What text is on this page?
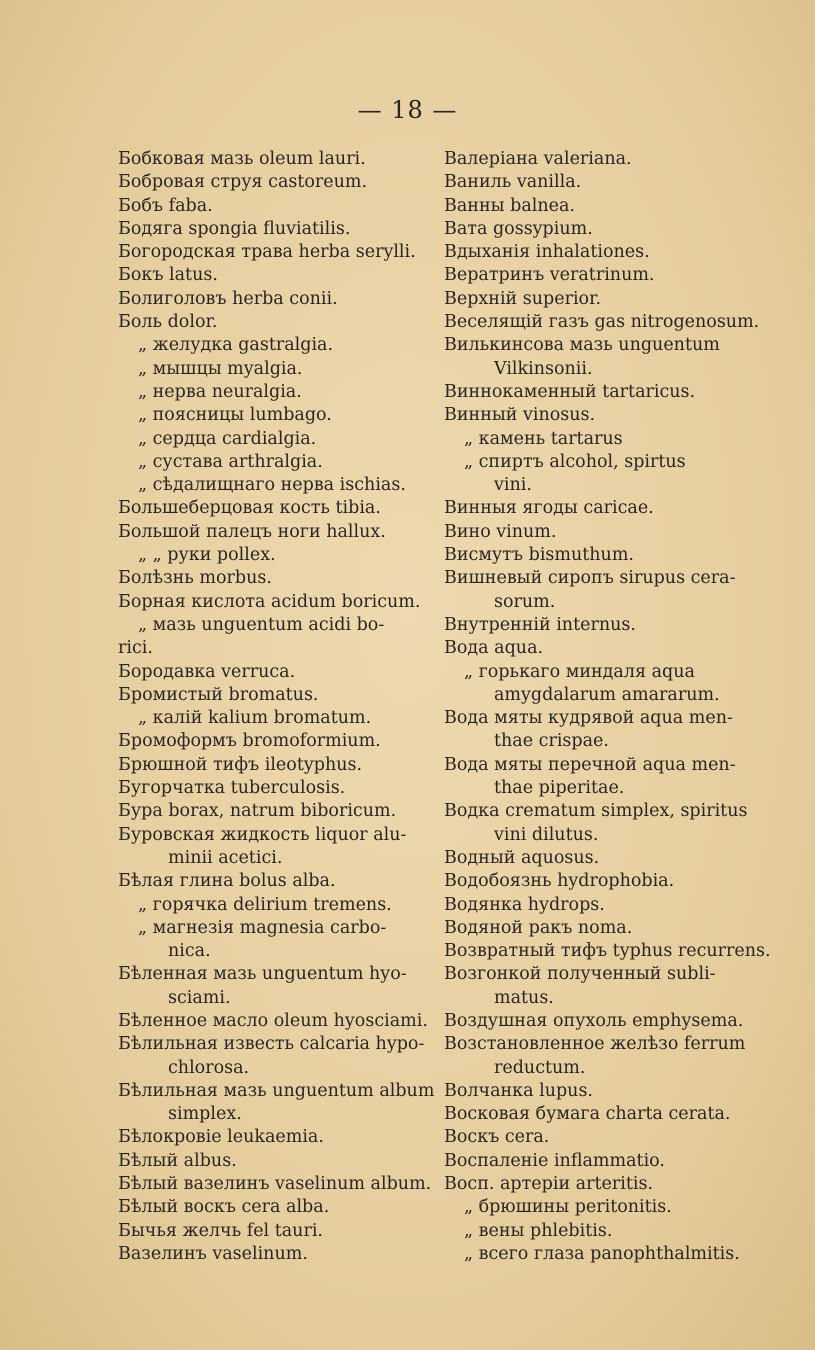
— 18 —
Бобковая мазь oleum lauri.
Бобровая струя castoreum.
Бобъ faba.
Бодяга spongia fluviatilis.
Богородская трава herba serylli.
Бокъ latus.
Болиголовъ herba conii.
Боль dolor.
„ желудка gastralgia.
„ мышцы myalgia.
„ нерва neuralgia.
„ поясницы lumbago.
„ сердца cardialgia.
„ сустава arthralgia.
„ сѣдалищнаго нерва ischias.
Большеберцовая кость tibia.
Большой палецъ ноги hallux.
„ „ руки pollex.
Болѣзнь morbus.
Борная кислота acidum boricum.
„ мазь unguentum acidi bo-
rici.
Бородавка verruca.
Бромистый bromatus.
„ калій kalium bromatum.
Бромоформъ bromoformium.
Брюшной тифъ ileotyphus.
Бугорчатка tuberculosis.
Бура borax, natrum biboricum.
Буровская жидкость liquor alu-
minii acetici.
Бѣлая глина bolus alba.
„ горячка delirium tremens.
„ магнезія magnesia carbo-
nica.
Бѣленная мазь unguentum hyo-
sciami.
Бѣленное масло oleum hyosciami.
Бѣлильная известь calcaria hypo-
chlorosa.
Бѣлильная мазь unguentum album
simplex.
Бѣлокровіе leukaemia.
Бѣлый albus.
Бѣлый вазелинъ vaselinum album.
Бѣлый воскъ cera alba.
Бычья желчь fel tauri.
Вазелинъ vaselinum.
Валеріана valeriana.
Ваниль vanilla.
Ванны balnea.
Вата gossypium.
Вдыханія inhalationes.
Вератринъ veratrinum.
Верхній superior.
Веселящій газъ gas nitrogenosum.
Вилькинсова мазь unguentum
Vilkinsonii.
Виннокаменный tartaricus.
Винный vinosus.
„ камень tartarus
„ спиртъ alcohol, spirtus
vini.
Винныя ягоды caricae.
Вино vinum.
Висмутъ bismuthum.
Вишневый сиропъ sirupus cera-
sorum.
Внутренній internus.
Вода aqua.
„ горькаго миндаля aqua
amygdalarum amararum.
Вода мяты кудрявой aqua men-
thae crispae.
Вода мяты перечной aqua men-
thae piperitae.
Водка crematum simplex, spiritus
vini dilutus.
Водный aquosus.
Водобоязнь hydrophobia.
Водянка hydrops.
Водяной ракъ noma.
Возвратный тифъ typhus recurrens.
Возгонкой полученный subli-
matus.
Воздушная опухоль emphysema.
Возстановленное желѣзо ferrum
reductum.
Волчанка lupus.
Восковая бумага charta cerata.
Воскъ cera.
Воспаленіе inflammatio.
Восп. артеріи arteritis.
„ брюшины peritonitis.
„ вены phlebitis.
„ всего глаза panophthalmitis.
